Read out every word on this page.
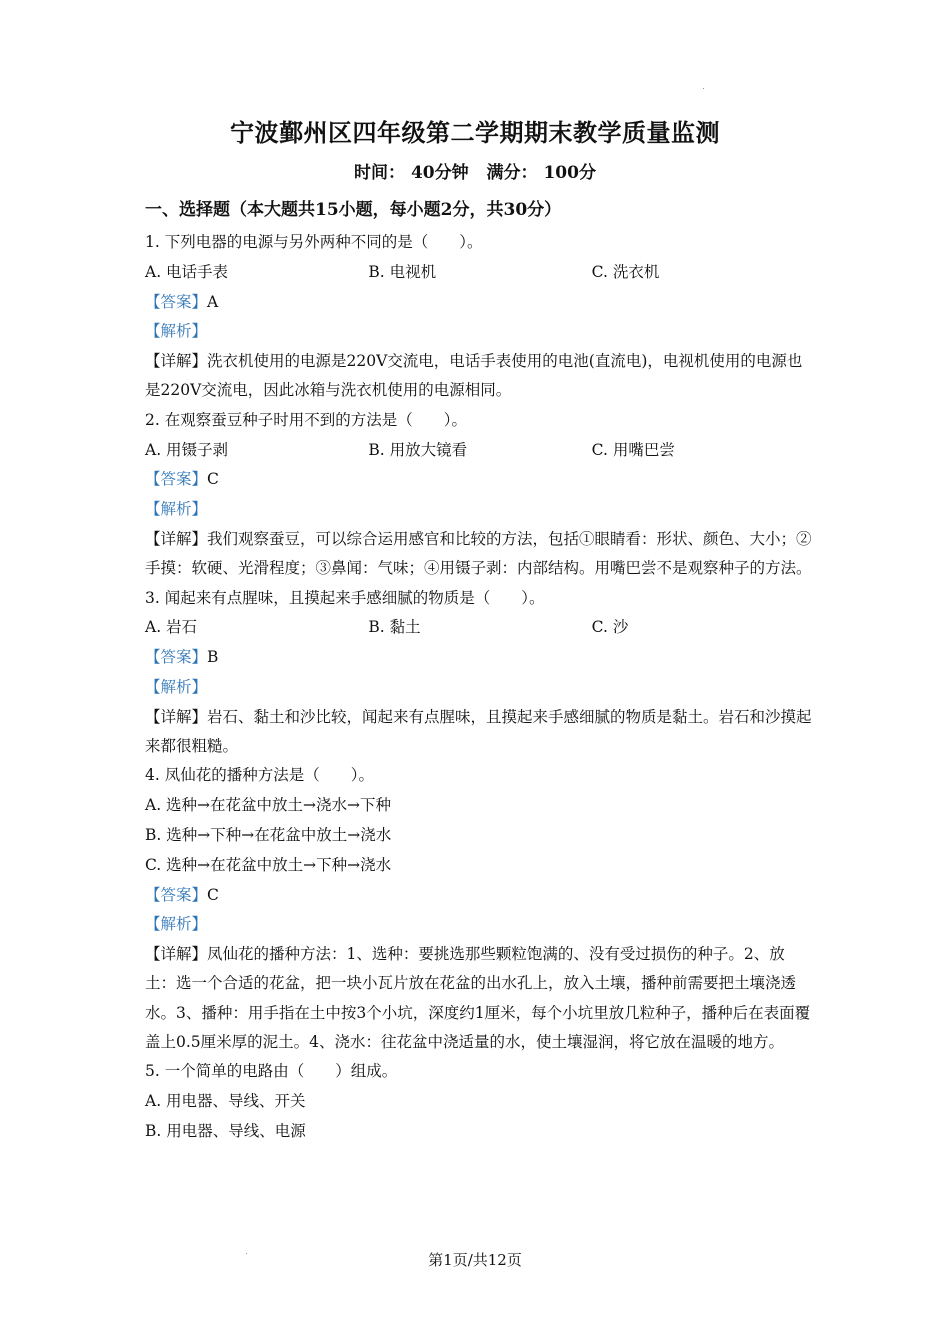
宁波鄞州区四年级第二学期期末教学质量监测
时间： 40分钟 满分： 100分
一、选择题（本大题共15小题，每小题2分，共30分）
1. 下列电器的电源与另外两种不同的是（　　）。
A. 电话手表	B. 电视机	C. 洗衣机
【答案】A
【解析】
【详解】洗衣机使用的电源是220V交流电，电话手表使用的电池(直流电)，电视机使用的电源也是220V交流电，因此冰箱与洗衣机使用的电源相同。
2. 在观察蚕豆种子时用不到的方法是（　　）。
A. 用镊子剥	B. 用放大镜看	C. 用嘴巴尝
【答案】C
【解析】
【详解】我们观察蚕豆，可以综合运用感官和比较的方法，包括①眼睛看：形状、颜色、大小；②手摸：软硬、光滑程度；③鼻闻：气味；④用镊子剥：内部结构。用嘴巴尝不是观察种子的方法。
3. 闻起来有点腥味，且摸起来手感细腻的物质是（　　）。
A. 岩石	B. 黏土	C. 沙
【答案】B
【解析】
【详解】岩石、黏土和沙比较，闻起来有点腥味，且摸起来手感细腻的物质是黏土。岩石和沙摸起来都很粗糙。
4. 凤仙花的播种方法是（　　）。
A. 选种→在花盆中放土→浇水→下种
B. 选种→下种→在花盆中放土→浇水
C. 选种→在花盆中放土→下种→浇水
【答案】C
【解析】
【详解】凤仙花的播种方法：1、选种：要挑选那些颗粒饱满的、没有受过损伤的种子。2、放土：选一个合适的花盆，把一块小瓦片放在花盆的出水孔上，放入土壤，播种前需要把土壤浇透水。3、播种：用手指在土中按3个小坑，深度约1厘米，每个小坑里放几粒种子，播种后在表面覆盖上0.5厘米厚的泥土。4、浇水：往花盆中浇适量的水，使土壤湿润，将它放在温暖的地方。
5. 一个简单的电路由（　　）组成。
A. 用电器、导线、开关
B. 用电器、导线、电源
第1页/共12页
